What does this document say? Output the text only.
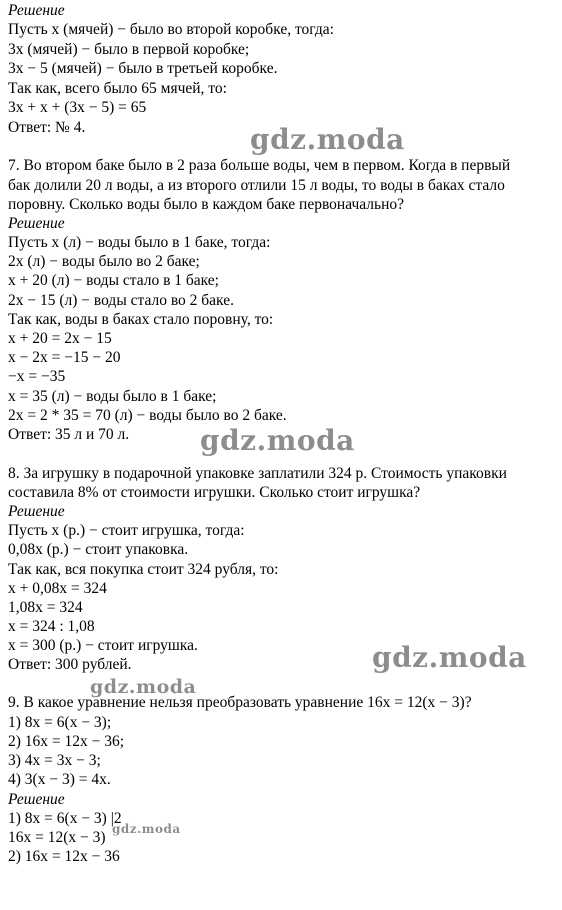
Решение
Пусть x (мячей) − было во второй коробке, тогда:
3x (мячей) − было в первой коробке;
3x − 5 (мячей) − было в третьей коробке.
Так как, всего было 65 мячей, то:
3x + x + (3x − 5) = 65
Ответ: № 4.
7. Во втором баке было в 2 раза больше воды, чем в первом. Когда в первый
бак долили 20 л воды, а из второго отлили 15 л воды, то воды в баках стало
поровну. Сколько воды было в каждом баке первоначально?
Решение
Пусть x (л) − воды было в 1 баке, тогда:
2x (л) − воды было во 2 баке;
x + 20 (л) − воды стало в 1 баке;
2x − 15 (л) − воды стало во 2 баке.
Так как, воды в баках стало поровну, то:
x + 20 = 2x − 15
x − 2x = −15 − 20
−x = −35
x = 35 (л) − воды было в 1 баке;
2x = 2 * 35 = 70 (л) − воды было во 2 баке.
Ответ: 35 л и 70 л.
8. За игрушку в подарочной упаковке заплатили 324 р. Стоимость упаковки
составила 8% от стоимости игрушки. Сколько стоит игрушка?
Решение
Пусть x (р.) − стоит игрушка, тогда:
0,08x (р.) − стоит упаковка.
Так как, вся покупка стоит 324 рубля, то:
x + 0,08x = 324
1,08x = 324
x = 324 : 1,08
x = 300 (р.) − стоит игрушка.
Ответ: 300 рублей.
9. В какое уравнение нельзя преобразовать уравнение 16x = 12(x − 3)?
1) 8x = 6(x − 3);
2) 16x = 12x − 36;
3) 4x = 3x − 3;
4) 3(x − 3) = 4x.
Решение
1) 8x = 6(x − 3) |2
16x = 12(x − 3)
2) 16x = 12x − 36
gdz.moda
gdz.moda
gdz.moda
gdz.moda
gdz.moda
